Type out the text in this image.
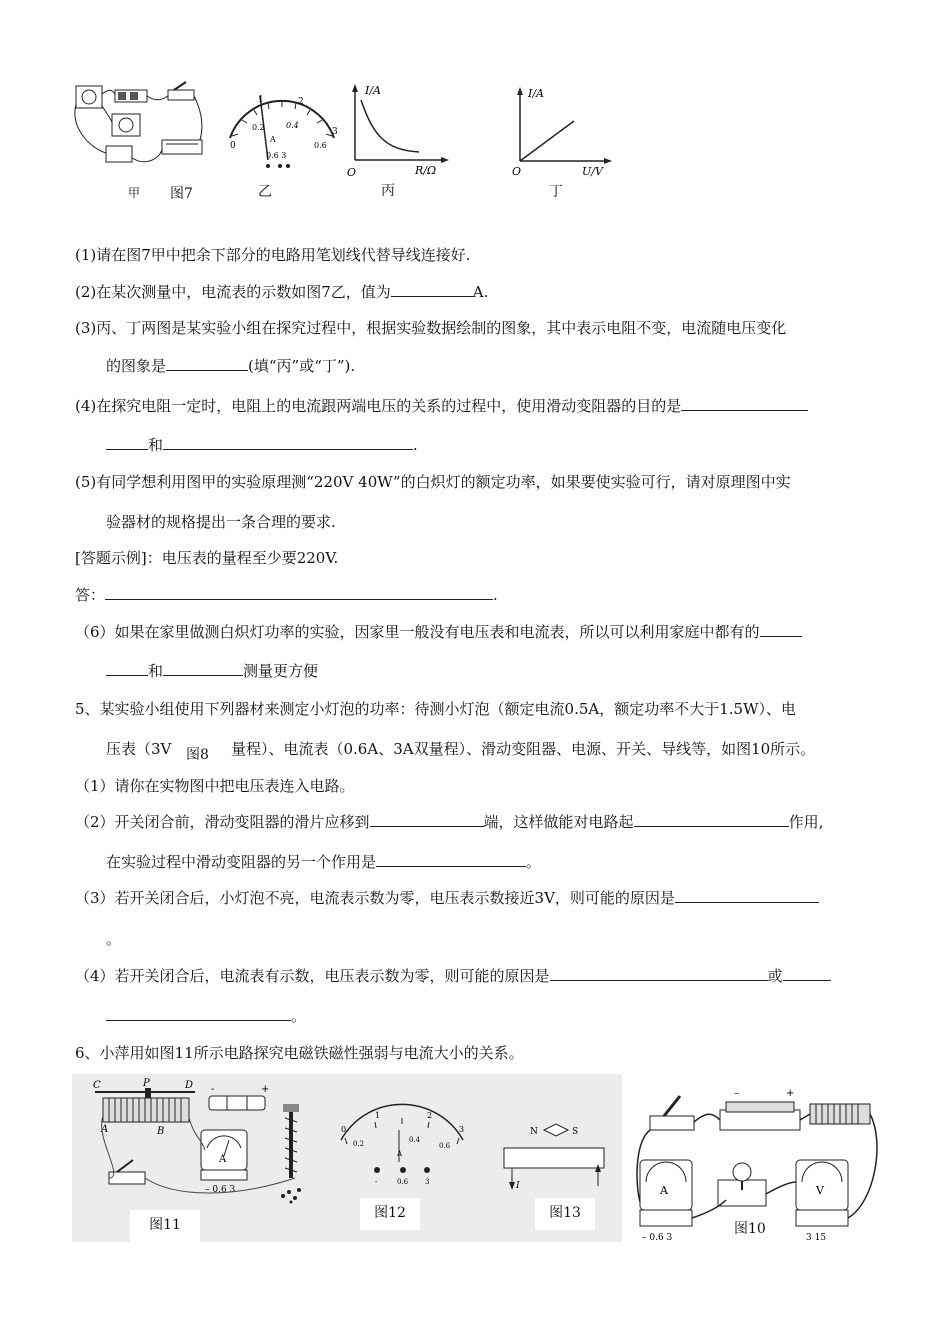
甲 图7
0
1	2
3
0.2	0.4
0.6
A
0.6 3
乙
I/A
R/Ω
O
丙
I/A
U/V
O
丁
(1)请在图7甲中把余下部分的电路用笔划线代替导线连接好.
(2)在某次测量中，电流表的示数如图7乙，值为	A.
(3)丙、丁两图是某实验小组在探究过程中，根据实验数据绘制的图象，其中表示电阻不变，电流随电压变化
的图象是	(填“丙”或“丁”).
(4)在探究电阻一定时，电阻上的电流跟两端电压的关系的过程中，使用滑动变阻器的目的是
和	.
(5)有同学想利用图甲的实验原理测“220V 40W”的白炽灯的额定功率，如果要使实验可行，请对原理图中实
验器材的规格提出一条合理的要求.
[答题示例]：电压表的量程至少要220V.
答：	.
（6）如果在家里做测白炽灯功率的实验，因家里一般没有电压表和电流表，所以可以利用家庭中都有的
和	测量更方便
5、某实验小组使用下列器材来测定小灯泡的功率：待测小灯泡（额定电流0.5A，额定功率不大于1.5W）、电
压表（3V 图8 量程）、电流表（0.6A、3A双量程）、滑动变阻器、电源、开关、导线等，如图10所示。
（1）请你在实物图中把电压表连入电路。
（2）开关闭合前，滑动变阻器的滑片应移到	端，这样做能对电路起	作用,
在实验过程中滑动变阻器的另一个作用是	。
（3）若开关闭合后，小灯泡不亮，电流表示数为零，电压表示数接近3V，则可能的原因是
。
（4）若开关闭合后，电流表有示数，电压表示数为零，则可能的原因是	或
。
6、小萍用如图11所示电路探究电磁铁磁性强弱与电流大小的关系。
C	P
B
D
A
-	+
A
– 0.6 3
图11
0
1	2
3
0.2	0.4
0.6
A
-	0.6 3
图12
N	S
I
图13
–	+
A
– 0.6 3
V
3 15
图10
